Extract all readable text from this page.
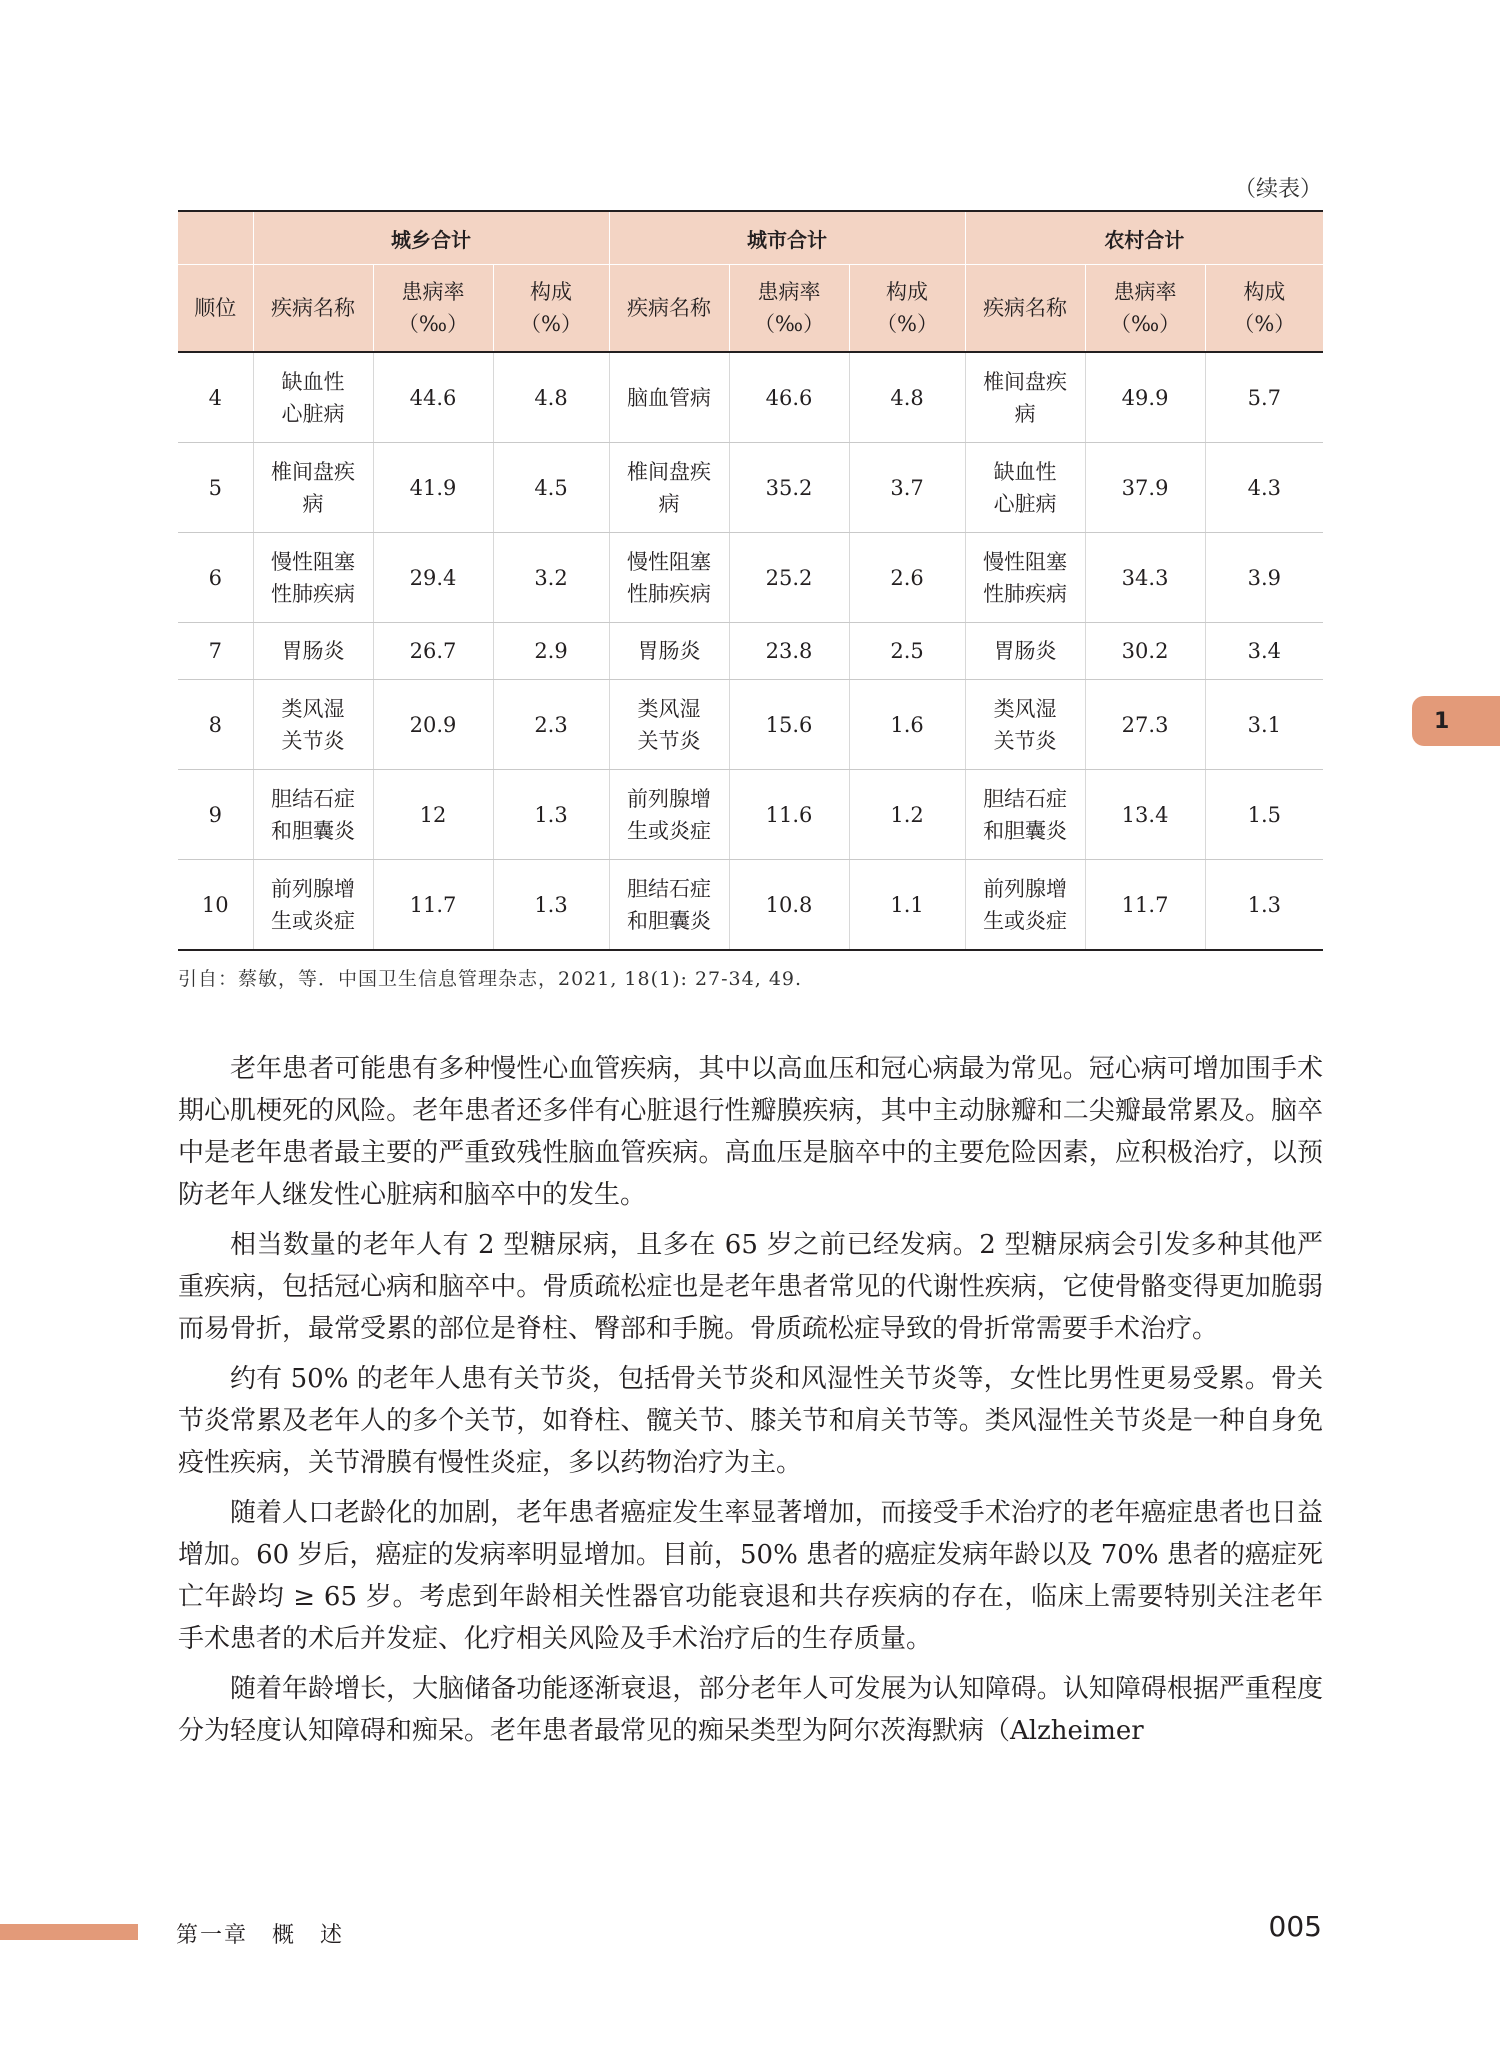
（续表）
	城乡合计			城市合计			农村合计		
顺位	疾病名称	患病率
（‰）	构成
（%）	疾病名称	患病率
（‰）	构成
（%）	疾病名称	患病率
（‰）	构成
（%）
4	缺血性
心脏病	44.6	4.8	脑血管病	46.6	4.8	椎间盘疾
病	49.9	5.7
5	椎间盘疾
病	41.9	4.5	椎间盘疾
病	35.2	3.7	缺血性
心脏病	37.9	4.3
6	慢性阻塞
性肺疾病	29.4	3.2	慢性阻塞
性肺疾病	25.2	2.6	慢性阻塞
性肺疾病	34.3	3.9
7	胃肠炎	26.7	2.9	胃肠炎	23.8	2.5	胃肠炎	30.2	3.4
8	类风湿
关节炎	20.9	2.3	类风湿
关节炎	15.6	1.6	类风湿
关节炎	27.3	3.1
9	胆结石症
和胆囊炎	12	1.3	前列腺增
生或炎症	11.6	1.2	胆结石症
和胆囊炎	13.4	1.5
10	前列腺增
生或炎症	11.7	1.3	胆结石症
和胆囊炎	10.8	1.1	前列腺增
生或炎症	11.7	1.3
引自：蔡敏，等．中国卫生信息管理杂志，2021, 18(1): 27-34, 49.

老年患者可能患有多种慢性心血管疾病，其中以高血压和冠心病最为常见。冠心病可增加围手术期心肌梗死的风险。老年患者还多伴有心脏退行性瓣膜疾病，其中主动脉瓣和二尖瓣最常累及。脑卒中是老年患者最主要的严重致残性脑血管疾病。高血压是脑卒中的主要危险因素，应积极治疗，以预防老年人继发性心脏病和脑卒中的发生。

相当数量的老年人有 2 型糖尿病，且多在 65 岁之前已经发病。2 型糖尿病会引发多种其他严重疾病，包括冠心病和脑卒中。骨质疏松症也是老年患者常见的代谢性疾病，它使骨骼变得更加脆弱而易骨折，最常受累的部位是脊柱、臀部和手腕。骨质疏松症导致的骨折常需要手术治疗。

约有 50% 的老年人患有关节炎，包括骨关节炎和风湿性关节炎等，女性比男性更易受累。骨关节炎常累及老年人的多个关节，如脊柱、髋关节、膝关节和肩关节等。类风湿性关节炎是一种自身免疫性疾病，关节滑膜有慢性炎症，多以药物治疗为主。

随着人口老龄化的加剧，老年患者癌症发生率显著增加，而接受手术治疗的老年癌症患者也日益增加。60 岁后，癌症的发病率明显增加。目前，50% 患者的癌症发病年龄以及 70% 患者的癌症死亡年龄均 ≥ 65 岁。考虑到年龄相关性器官功能衰退和共存疾病的存在，临床上需要特别关注老年手术患者的术后并发症、化疗相关风险及手术治疗后的生存质量。

随着年龄增长，大脑储备功能逐渐衰退，部分老年人可发展为认知障碍。认知障碍根据严重程度分为轻度认知障碍和痴呆。老年患者最常见的痴呆类型为阿尔茨海默病（Alzheimer

1
第一章　概　述	005
